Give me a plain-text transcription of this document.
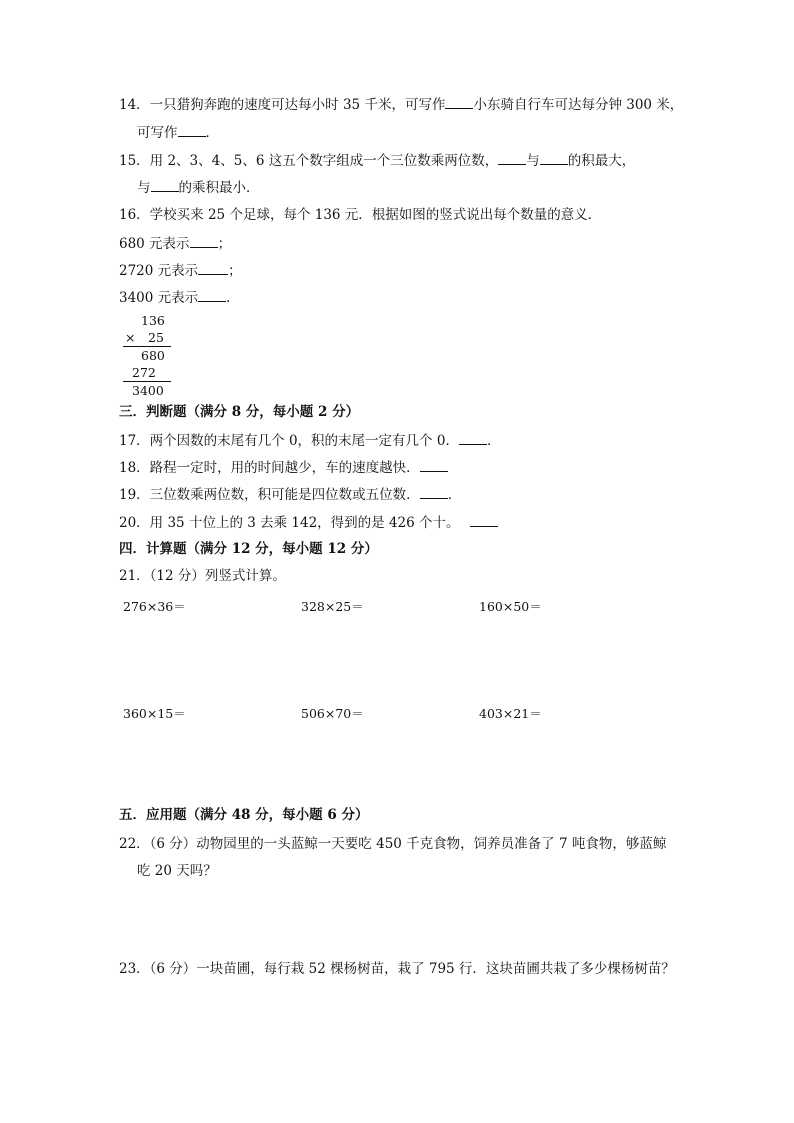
14．一只猎狗奔跑的速度可达每小时 35 千米，可写作 小东骑自行车可达每分钟 300 米，
可写作 ．
15．用 2、3、4、5、6 这五个数字组成一个三位数乘两位数， 与 的积最大，
与 的乘积最小．
16．学校买来 25 个足球，每个 136 元．根据如图的竖式说出每个数量的意义．
680 元表示 ；
2720 元表示 ；
3400 元表示 ．
136
× 25
680
272
3400
三．判断题（满分 8 分，每小题 2 分）
17．两个因数的末尾有几个 0，积的末尾一定有几个 0． ．
18．路程一定时，用的时间越少，车的速度越快．
19．三位数乘两位数，积可能是四位数或五位数． ．
20．用 35 十位上的 3 去乘 142，得到的是 426 个十。
四．计算题（满分 12 分，每小题 12 分）
21．（12 分）列竖式计算。
276×36＝	328×25＝	160×50＝
360×15＝	506×70＝	403×21＝
五．应用题（满分 48 分，每小题 6 分）
22．（6 分）动物园里的一头蓝鲸一天要吃 450 千克食物，饲养员准备了 7 吨食物，够蓝鲸
吃 20 天吗？
23．（6 分）一块苗圃，每行栽 52 棵杨树苗，栽了 795 行．这块苗圃共栽了多少棵杨树苗？
